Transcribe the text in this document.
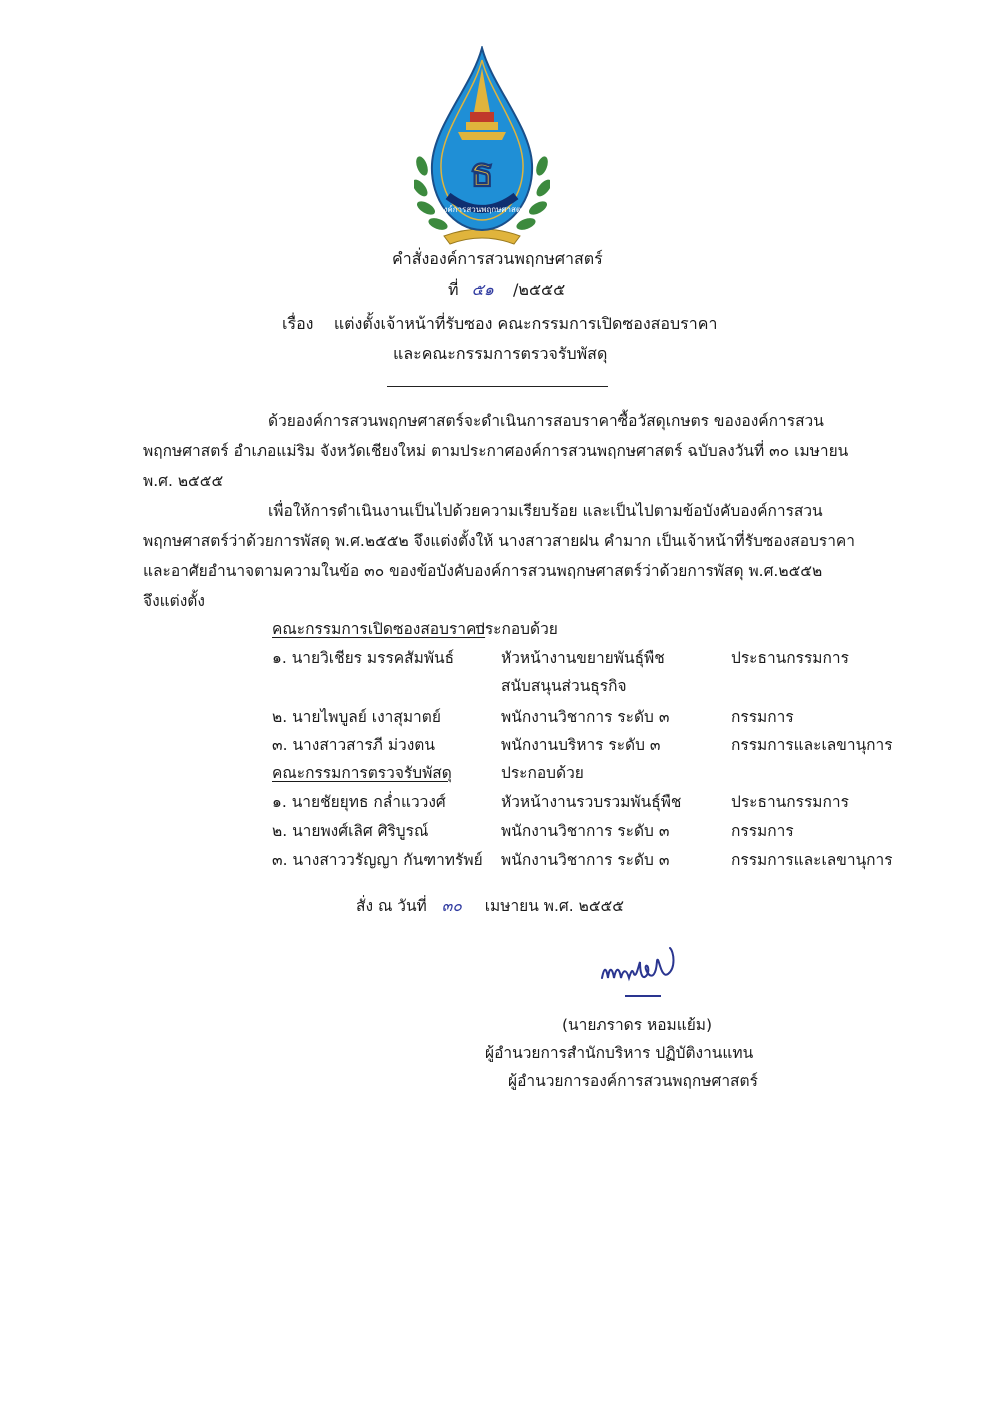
ธ
องค์การสวนพฤกษศาสตร์
คำสั่งองค์การสวนพฤกษศาสตร์
ที่ ๕๑ /๒๕๕๕
เรื่อง แต่งตั้งเจ้าหน้าที่รับซอง คณะกรรมการเปิดซองสอบราคา
และคณะกรรมการตรวจรับพัสดุ

ด้วยองค์การสวนพฤกษศาสตร์จะดำเนินการสอบราคาซื้อวัสดุเกษตร ขององค์การสวน
พฤกษศาสตร์ อำเภอแม่ริม จังหวัดเชียงใหม่ ตามประกาศองค์การสวนพฤกษศาสตร์ ฉบับลงวันที่ ๓๐ เมษายน
พ.ศ. ๒๕๕๕

เพื่อให้การดำเนินงานเป็นไปด้วยความเรียบร้อย และเป็นไปตามข้อบังคับองค์การสวน
พฤกษศาสตร์ว่าด้วยการพัสดุ พ.ศ.๒๕๕๒ จึงแต่งตั้งให้ นางสาวสายฝน คำมาก เป็นเจ้าหน้าที่รับซองสอบราคา
และอาศัยอำนาจตามความในข้อ ๓๐ ของข้อบังคับองค์การสวนพฤกษศาสตร์ว่าด้วยการพัสดุ พ.ศ.๒๕๕๒
จึงแต่งตั้ง

คณะกรรมการเปิดซองสอบราคา
ประกอบด้วย
๑. นายวิเชียร มรรคสัมพันธ์	หัวหน้างานขยายพันธุ์พืช	ประธานกรรมการ
สนับสนุนส่วนธุรกิจ
๒. นายไพบูลย์ เงาสุมาตย์	พนักงานวิชาการ ระดับ ๓	กรรมการ
๓. นางสาวสารภี ม่วงตน	พนักงานบริหาร ระดับ ๓	กรรมการและเลขานุการ
คณะกรรมการตรวจรับพัสดุ	ประกอบด้วย
๑. นายชัยยุทธ กล่ำแววงศ์	หัวหน้างานรวบรวมพันธุ์พืช	ประธานกรรมการ
๒. นายพงศ์เลิศ ศิริบูรณ์	พนักงานวิชาการ ระดับ ๓	กรรมการ
๓. นางสาววรัญญา กันฑาทรัพย์ พนักงานวิชาการ ระดับ ๓	กรรมการและเลขานุการ
สั่ง ณ วันที่ ๓๐ เมษายน พ.ศ. ๒๕๕๕
(นายภราดร หอมแย้ม)
ผู้อำนวยการสำนักบริหาร ปฏิบัติงานแทน
ผู้อำนวยการองค์การสวนพฤกษศาสตร์
